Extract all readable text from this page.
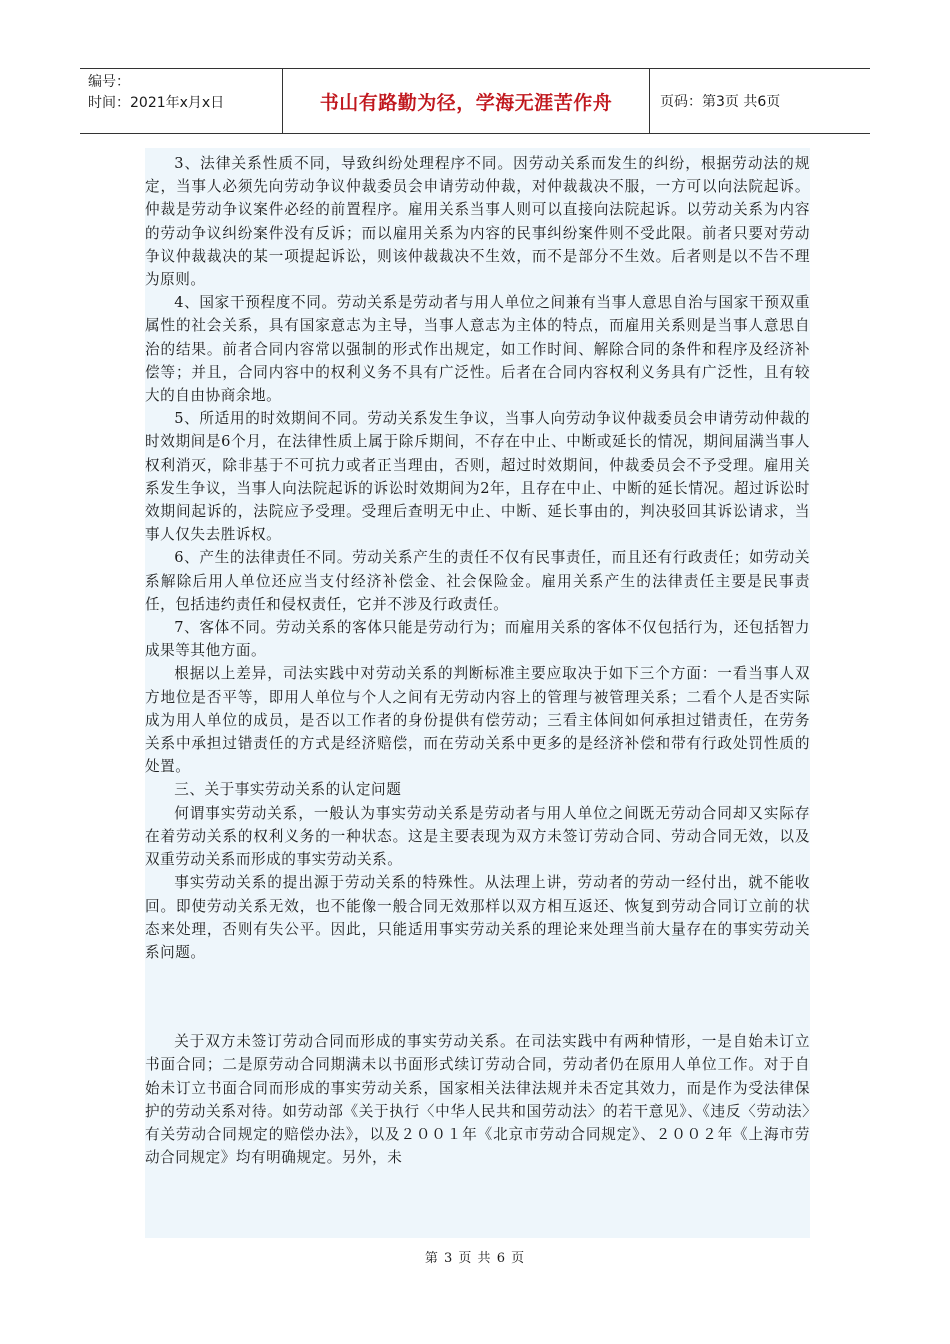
编号：
时间：2021年x月x日	书山有路勤为径，学海无涯苦作舟	页码：第3页 共6页

3、法律关系性质不同，导致纠纷处理程序不同。因劳动关系而发生的纠纷，根据劳动法的规定，当事人必须先向劳动争议仲裁委员会申请劳动仲裁，对仲裁裁决不服，一方可以向法院起诉。仲裁是劳动争议案件必经的前置程序。雇用关系当事人则可以直接向法院起诉。以劳动关系为内容的劳动争议纠纷案件没有反诉；而以雇用关系为内容的民事纠纷案件则不受此限。前者只要对劳动争议仲裁裁决的某一项提起诉讼，则该仲裁裁决不生效，而不是部分不生效。后者则是以不告不理为原则。

4、国家干预程度不同。劳动关系是劳动者与用人单位之间兼有当事人意思自治与国家干预双重属性的社会关系，具有国家意志为主导，当事人意志为主体的特点，而雇用关系则是当事人意思自治的结果。前者合同内容常以强制的形式作出规定，如工作时间、解除合同的条件和程序及经济补偿等；并且，合同内容中的权利义务不具有广泛性。后者在合同内容权利义务具有广泛性，且有较大的自由协商余地。

5、所适用的时效期间不同。劳动关系发生争议，当事人向劳动争议仲裁委员会申请劳动仲裁的时效期间是6个月，在法律性质上属于除斥期间，不存在中止、中断或延长的情况，期间届满当事人权利消灭，除非基于不可抗力或者正当理由，否则，超过时效期间，仲裁委员会不予受理。雇用关系发生争议，当事人向法院起诉的诉讼时效期间为2年，且存在中止、中断的延长情况。超过诉讼时效期间起诉的，法院应予受理。受理后查明无中止、中断、延长事由的，判决驳回其诉讼请求，当事人仅失去胜诉权。

6、产生的法律责任不同。劳动关系产生的责任不仅有民事责任，而且还有行政责任；如劳动关系解除后用人单位还应当支付经济补偿金、社会保险金。雇用关系产生的法律责任主要是民事责任，包括违约责任和侵权责任，它并不涉及行政责任。

7、客体不同。劳动关系的客体只能是劳动行为；而雇用关系的客体不仅包括行为，还包括智力成果等其他方面。

根据以上差异，司法实践中对劳动关系的判断标准主要应取决于如下三个方面：一看当事人双方地位是否平等，即用人单位与个人之间有无劳动内容上的管理与被管理关系；二看个人是否实际成为用人单位的成员，是否以工作者的身份提供有偿劳动；三看主体间如何承担过错责任，在劳务关系中承担过错责任的方式是经济赔偿，而在劳动关系中更多的是经济补偿和带有行政处罚性质的处置。

三、关于事实劳动关系的认定问题

何谓事实劳动关系，一般认为事实劳动关系是劳动者与用人单位之间既无劳动合同却又实际存在着劳动关系的权利义务的一种状态。这是主要表现为双方未签订劳动合同、劳动合同无效，以及双重劳动关系而形成的事实劳动关系。

事实劳动关系的提出源于劳动关系的特殊性。从法理上讲，劳动者的劳动一经付出，就不能收回。即使劳动关系无效，也不能像一般合同无效那样以双方相互返还、恢复到劳动合同订立前的状态来处理，否则有失公平。因此，只能适用事实劳动关系的理论来处理当前大量存在的事实劳动关系问题。

关于双方未签订劳动合同而形成的事实劳动关系。在司法实践中有两种情形，一是自始未订立书面合同；二是原劳动合同期满未以书面形式续订劳动合同，劳动者仍在原用人单位工作。对于自始未订立书面合同而形成的事实劳动关系，国家相关法律法规并未否定其效力，而是作为受法律保护的劳动关系对待。如劳动部《关于执行〈中华人民共和国劳动法〉的若干意见》、《违反〈劳动法〉有关劳动合同规定的赔偿办法》，以及２００１年《北京市劳动合同规定》、２００２年《上海市劳动合同规定》均有明确规定。另外，未

第 3 页 共 6 页
